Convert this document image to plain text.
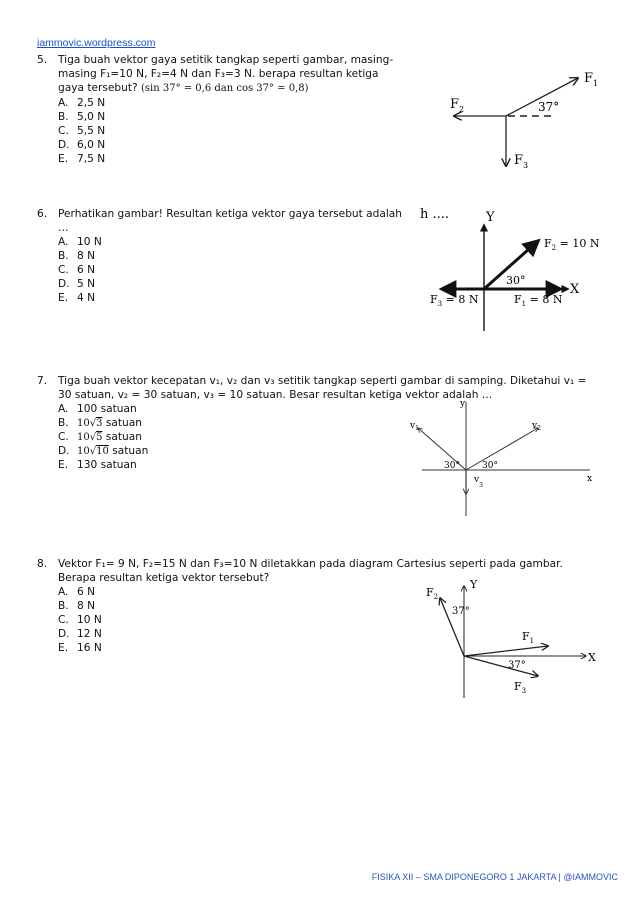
iammovic.wordpress.com
5. Tiga buah vektor gaya setitik tangkap seperti gambar, masing-
masing F₁=10 N, F₂=4 N dan F₃=3 N. berapa resultan ketiga
gaya tersebut? (sin 37° = 0,6 dan cos 37° = 0,8)
A. 2,5 N
B. 5,0 N
C. 5,5 N
D. 6,0 N
E. 7,5 N
$F_1$
$F_2$
$F_3$
37°
6. Perhatikan gambar! Resultan ketiga vektor gaya tersebut adalah
…
A. 10 N
B. 8 N
C. 6 N
D. 5 N
E. 4 N
h ....	Y
X
$F_2 = 10$ N
$F_1 = 8$ N
$F_3 = 8$ N
30°
7. Tiga buah vektor kecepatan v₁, v₂ dan v₃ setitik tangkap seperti gambar di samping. Diketahui v₁ =
30 satuan, v₂ = 30 satuan, v₃ = 10 satuan. Besar resultan ketiga vektor adalah …
A. 100 satuan
B. 10√3 satuan
C. 10√5 satuan
D. 10√10 satuan
E. 130 satuan
y
x
$v_1$	$v_2$
$v_3$
30° 30°
8. Vektor F₁= 9 N, F₂=15 N dan F₃=10 N diletakkan pada diagram Cartesius seperti pada gambar.
Berapa resultan ketiga vektor tersebut?
A. 6 N
B. 8 N
C. 10 N
D. 12 N
E. 16 N
Y
X
$F_2$
$F_1$
$F_3$
37°
37°
FISIKA XII – SMA DIPONEGORO 1 JAKARTA | @IAMMOVIC
